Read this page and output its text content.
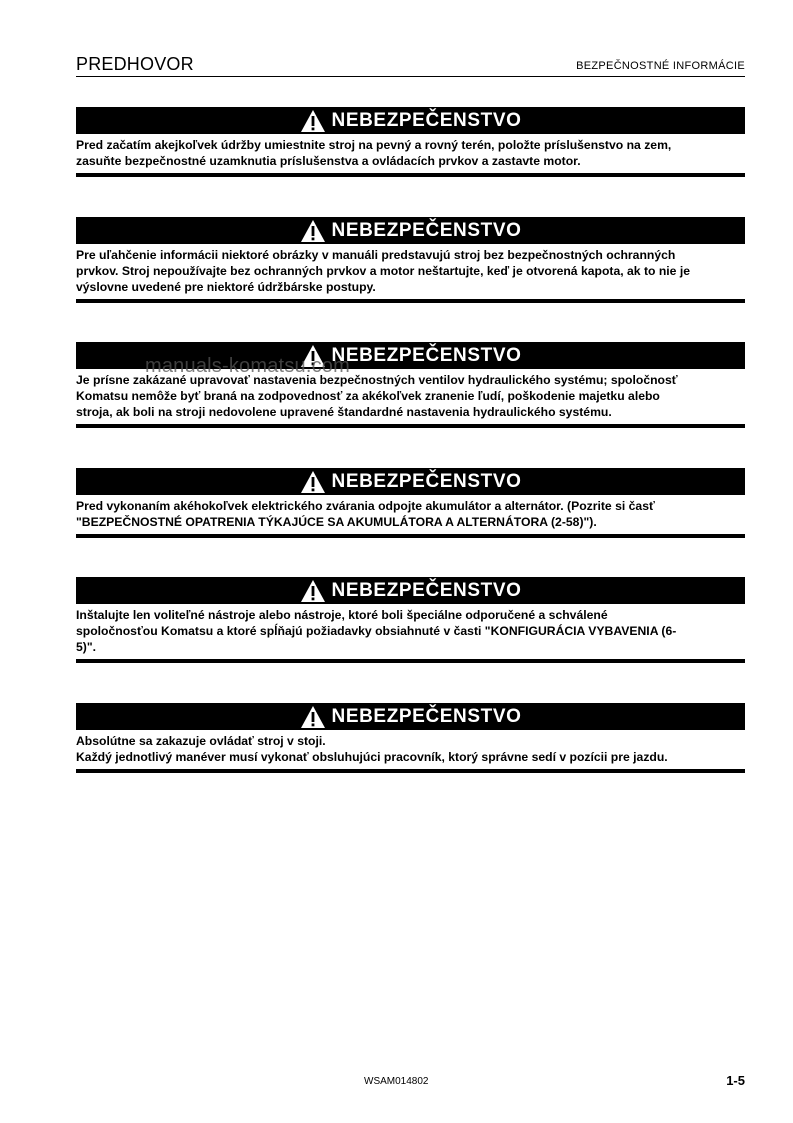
PREDHOVOR	BEZPEČNOSTNÉ INFORMÁCIE
NEBEZPEČENSTVO

Pred začatím akejkoľvek údržby umiestnite stroj na pevný a rovný terén, položte príslušenstvo na zem,

zasuňte bezpečnostné uzamknutia príslušenstva a ovládacích prvkov a zastavte motor.

NEBEZPEČENSTVO

Pre uľahčenie informácii niektoré obrázky v manuáli predstavujú stroj bez bezpečnostných ochranných

prvkov. Stroj nepoužívajte bez ochranných prvkov a motor neštartujte, keď je otvorená kapota, ak to nie je

výslovne uvedené pre niektoré údržbárske postupy.

NEBEZPEČENSTVO

Je prísne zakázané upravovať nastavenia bezpečnostných ventilov hydraulického systému; spoločnosť

Komatsu nemôže byť braná na zodpovednosť za akékoľvek zranenie ľudí, poškodenie majetku alebo

stroja, ak boli na stroji nedovolene upravené štandardné nastavenia hydraulického systému.

NEBEZPEČENSTVO

Pred vykonaním akéhokoľvek elektrického zvárania odpojte akumulátor a alternátor. (Pozrite si časť

"BEZPEČNOSTNÉ OPATRENIA TÝKAJÚCE SA AKUMULÁTORA A ALTERNÁTORA (2-58)").

NEBEZPEČENSTVO

Inštalujte len voliteľné nástroje alebo nástroje, ktoré boli špeciálne odporučené a schválené

spoločnosťou Komatsu a ktoré spĺňajú požiadavky obsiahnuté v časti "KONFIGURÁCIA VYBAVENIA (6-

5)".

NEBEZPEČENSTVO

Absolútne sa zakazuje ovládať stroj v stoji.

Každý jednotlivý manéver musí vykonať obsluhujúci pracovník, ktorý správne sedí v pozícii pre jazdu.

manuals-komatsu.com
WSAM014802	1-5
